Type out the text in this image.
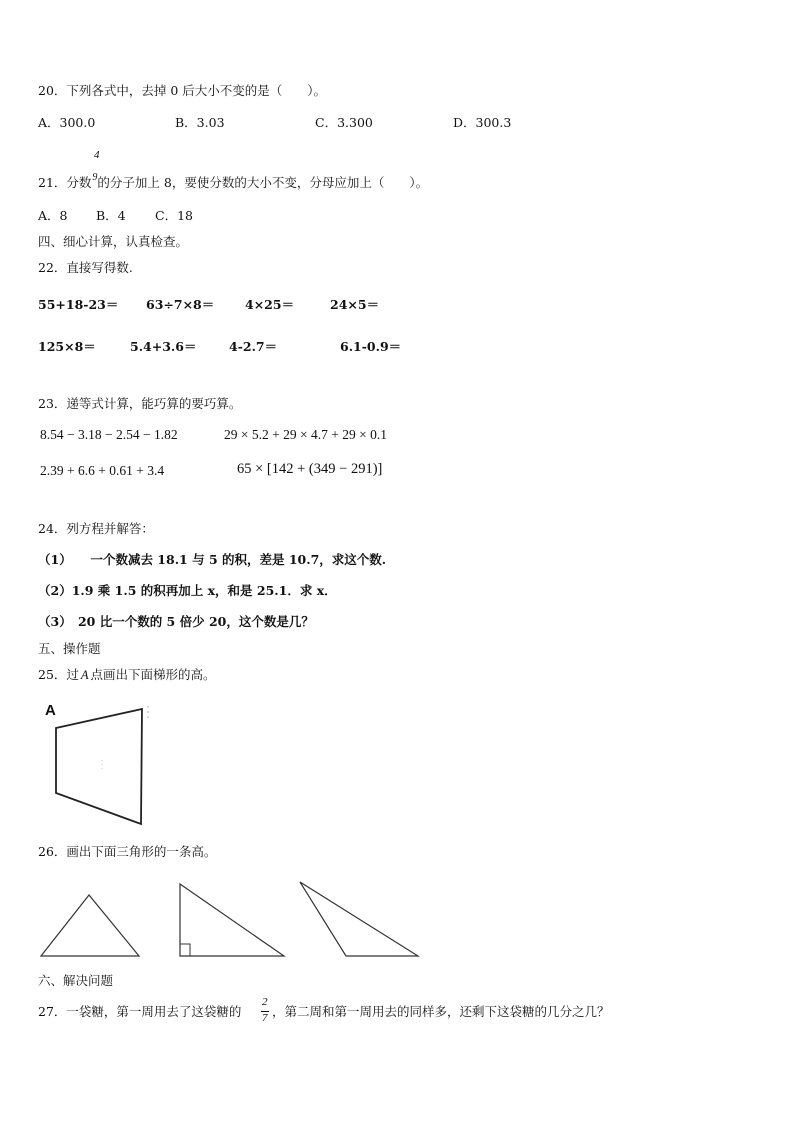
20．下列各式中，去掉 0 后大小不变的是（　　）。
A．300.0	B．3.03	C．3.300	D．300.3
4
21．分数$^9$的分子加上 8，要使分数的大小不变，分母应加上（　　）。
A．8 B．4 C．18
四、细心计算，认真检查。
22．直接写得数.
55+18-23＝ 63÷7×8＝ 4×25＝	24×5＝
125×8＝	5.4+3.6＝	4-2.7＝	6.1-0.9＝
23．递等式计算，能巧算的要巧算。
8.54 − 3.18 − 2.54 − 1.82	29 × 5.2 + 29 × 4.7 + 29 × 0.1
2.39 + 6.6 + 0.61 + 3.4	65 × [142 + (349 − 291)]
24．列方程并解答：
（1）　　一个数减去 18.1 与 5 的积，差是 10.7，求这个数.
（2）1.9 乘 1.5 的积再加上 x，和是 25.1．求 x．
（3）　20 比一个数的 5 倍少 20，这个数是几？
五、操作题
25．过 A 点画出下面梯形的高。
A
26．画出下面三角形的一条高。
六、解决问题
27．一袋糖，第一周用去了这袋糖的
2
7 ，第二周和第一周用去的同样多，还剩下这袋糖的几分之几？
